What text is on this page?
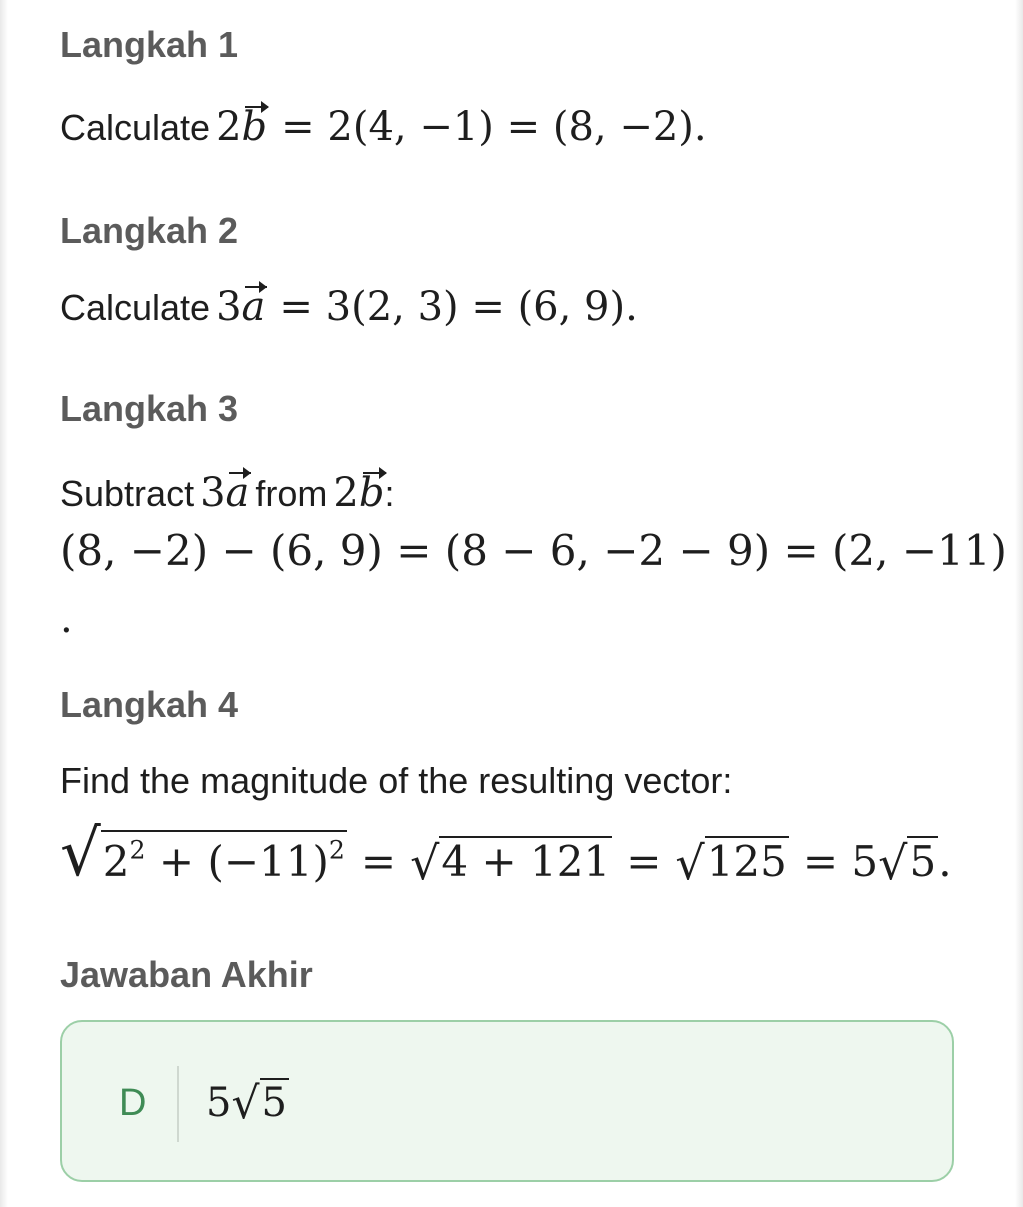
Langkah 1
Calculate 2b = 2(4, −1) = (8, −2).
Langkah 2
Calculate 3a = 3(2, 3) = (6, 9).
Langkah 3
Subtract 3a from 2b :
(8, −2) − (6, 9) = (8 − 6, −2 − 9) = (2, −11)
.
Langkah 4
Find the magnitude of the resulting vector:
√ $2^2 + (-11)^2$ = √ 4 + 121 = √ 125 = 5 √ 5 .
Jawaban Akhir
D 5 √ 5
